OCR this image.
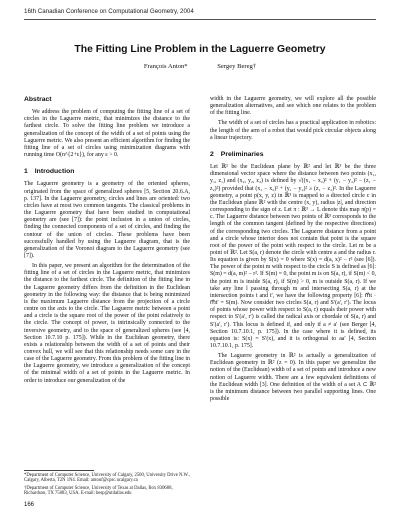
16th Canadian Conference on Computational Geometry, 2004
The Fitting Line Problem in the Laguerre Geometry
François Anton*	Sergey Bereg†
Abstract

We address the problem of computing the fitting line of a set of circles in the Laguerre metric, that minimizes the distance to the farthest circle. To solve the fitting line problem we introduce a generalization of the concept of the width of a set of points using the Laguerre metric. We also present an efficient algorithm for finding the fitting line of a set of circles using minimization diagrams with running time O(n^{2+ε}), for any ε > 0.

1 Introduction

The Laguerre geometry is a geometry of the oriented spheres, originated from the space of generalized spheres [5, Section 20.6.A, p. 137]. In the Laguerre geometry, circles and lines are oriented: two circles have at most two common tangents. The classical problems in the Laguerre geometry that have been studied in computational geometry are (see [7]): the point inclusion in a union of circles, finding the connected components of a set of circles, and finding the contour of the union of circles. These problems have been successfully handled by using the Laguerre diagram, that is the generalization of the Voronoi diagram to the Laguerre geometry (see [7]).

In this paper, we present an algorithm for the determination of the fitting line of a set of circles in the Laguerre metric, that minimizes the distance to the farthest circle. The definition of the fitting line in the Laguerre geometry differs from the definition in the Euclidean geometry in the following way: the distance that is being minimized is the maximum Laguerre distance from the projection of a circle centre on the axis to the circle. The Laguerre metric between a point and a circle is the square root of the power of the point relatively to the circle. The concept of power, is intrinsically connected to the inversive geometry, and to the space of generalized spheres (see [4, Section 10.7.10 p. 175]). While in the Euclidean geometry, there exists a relationship between the width of a set of points and their convex hull, we will see that this relationship needs some care in the case of the Laguerre geometry. From this problem of the fitting line in the Laguerre geometry, we introduce a generalization of the concept of the minimal width of a set of points in the Laguerre metric. In order to introduce our generalization of the

*Department of Computer Science, University of Calgary, 2500, University Drive N.W., Calgary, Alberta, T2N 1N4. Email: antonf@cpsc.ucalgary.ca
†Department of Computer Science, University of Texas at Dallas, Box 830688, Richardson, TX 75083, USA. E-mail: besp@utdallas.edu
166

width in the Laguerre geometry, we will explore all the possible generalization alternatives, and see which one relates to the problem of the fitting line.

The width of a set of circles has a practical application in robotics: the length of the arm of a robot that would pick circular objects along a linear trajectory.

2 Preliminaries

Let ℝ² be the Euclidean plane by ℝ² and let ℝ³ be the three dimensional vector space where the distance between two points (x₁, y₁, z₁) and (x₂, y₂, z₂) is defined by √((x₁ − x₂)² + (y₁ − y₂)² − (z₁ − z₂)²) provided that (x₁ − x₂)² + (y₁ − y₂)² ≥ (z₁ − z₂)². In the Laguerre geometry, a point p(x, y, z) in ℝ³ is mapped to a directed circle c in the Euclidean plane ℝ² with the centre (x, y), radius |z|, and direction corresponding to the sign of z. Let π : ℝ³ → L denote this map π(p) = c. The Laguerre distance between two points of ℝ³ corresponds to the length of the common tangent (defined by the respective directions) of the corresponding two circles. The Laguerre distance from a point and a circle whose interior does not contain that point is the square root of the power of the point with respect to the circle. Let m be a point of ℝ². Let S(a, r) denote the circle with centre a and the radius r. Its equation is given by S(x) = 0 where S(x) = d(a, x)² − r² (see [6]). The power of the point m with respect to the circle S is defined as [6]: S(m) = d(a, m)² − r². If S(m) = 0, the point m is on S(a, r), if S(m) < 0, the point m is inside S(a, r), if S(m) > 0, m is outside S(a, r). If we take any line l passing through m and intersecting S(a, r) at the intersection points t and t′, we have the following property [6]: m⃗t · m⃗t′ = S(m). Now consider two circles S(a, r) and S′(a′, r′). The locus of points whose power with respect to S(a, r) equals their power with respect to S′(a′, r′) is called the radical axis or chordale of S(a, r) and S′(a′, r′). This locus is defined if, and only if a ≠ a′ (see Berger [4, Section 10.7.10.1, p. 175]). In the case where it is defined, its equation is: S(x) = S′(x), and it is orthogonal to aa′ [4, Section 10.7.10.1, p. 175].

The Laguerre geometry in ℝ² is actually a generalization of Euclidean geometry in ℝ² (z = 0). In this paper we generalize the notion of the (Euclidean) width of a set of points and introduce a new notion of Laguerre width. There are a few equivalent definitions of the Euclidean width [3]. One definition of the width of a set A ⊂ ℝ² is the minimum distance between two parallel supporting lines. One possible
